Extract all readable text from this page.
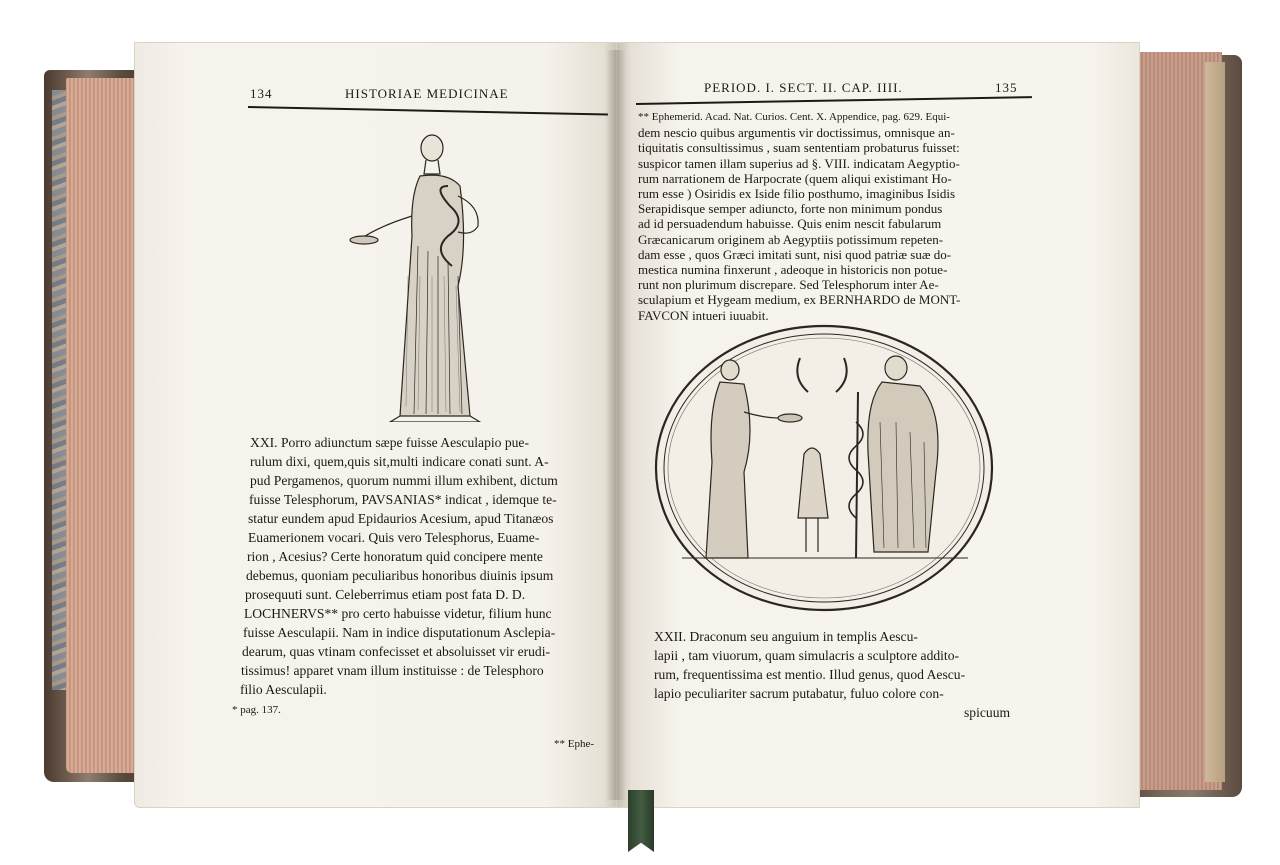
134	HISTORIAE MEDICINAE
XXI. Porro adiunctum sæpe fuisse Aesculapio pue-
rulum dixi, quem,quis sit,multi indicare conati sunt. A-
pud Pergamenos, quorum nummi illum exhibent, dictum
fuisse Telesphorum, PAVSANIAS* indicat , idemque te-
statur eundem apud Epidaurios Acesium, apud Titanæos
Euamerionem vocari. Quis vero Telesphorus, Euame-
rion , Acesius? Certe honoratum quid concipere mente
debemus, quoniam peculiaribus honoribus diuinis ipsum
prosequuti sunt. Celeberrimus etiam post fata D. D.
LOCHNERVS** pro certo habuisse videtur, filium hunc
fuisse Aesculapii. Nam in indice disputationum Asclepia-
dearum, quas vtinam confecisset et absoluisset vir erudi-
tissimus! apparet vnam illum instituisse : de Telesphoro
filio Aesculapii.
* pag. 137.
** Ephe-
PERIOD. I. SECT. II. CAP. IIII.	135
XXII. Draconum seu anguium in templis Aescu-
lapii , tam viuorum, quam simulacris a sculptore addito-
rum, frequentissima est mentio. Illud genus, quod Aescu-
lapio peculiariter sacrum putabatur, fuluo colore con-
spicuum
** Ephemerid. Acad. Nat. Curios. Cent. X. Appendice, pag. 629. Equi-
dem nescio quibus argumentis vir doctissimus, omnisque an-
tiquitatis consultissimus , suam sententiam probaturus fuisset:
suspicor tamen illam superius ad §. VIII. indicatam Aegyptio-
rum narrationem de Harpocrate (quem aliqui existimant Ho-
rum esse ) Osiridis ex Iside filio posthumo, imaginibus Isidis
Serapidisque semper adiuncto, forte non minimum pondus
ad id persuadendum habuisse. Quis enim nescit fabularum
Græcanicarum originem ab Aegyptiis potissimum repeten-
dam esse , quos Græci imitati sunt, nisi quod patriæ suæ do-
mestica numina finxerunt , adeoque in historicis non potue-
runt non plurimum discrepare. Sed Telesphorum inter Ae-
sculapium et Hygeam medium, ex BERNHARDO de MONT-
FAVCON intueri iuuabit.
